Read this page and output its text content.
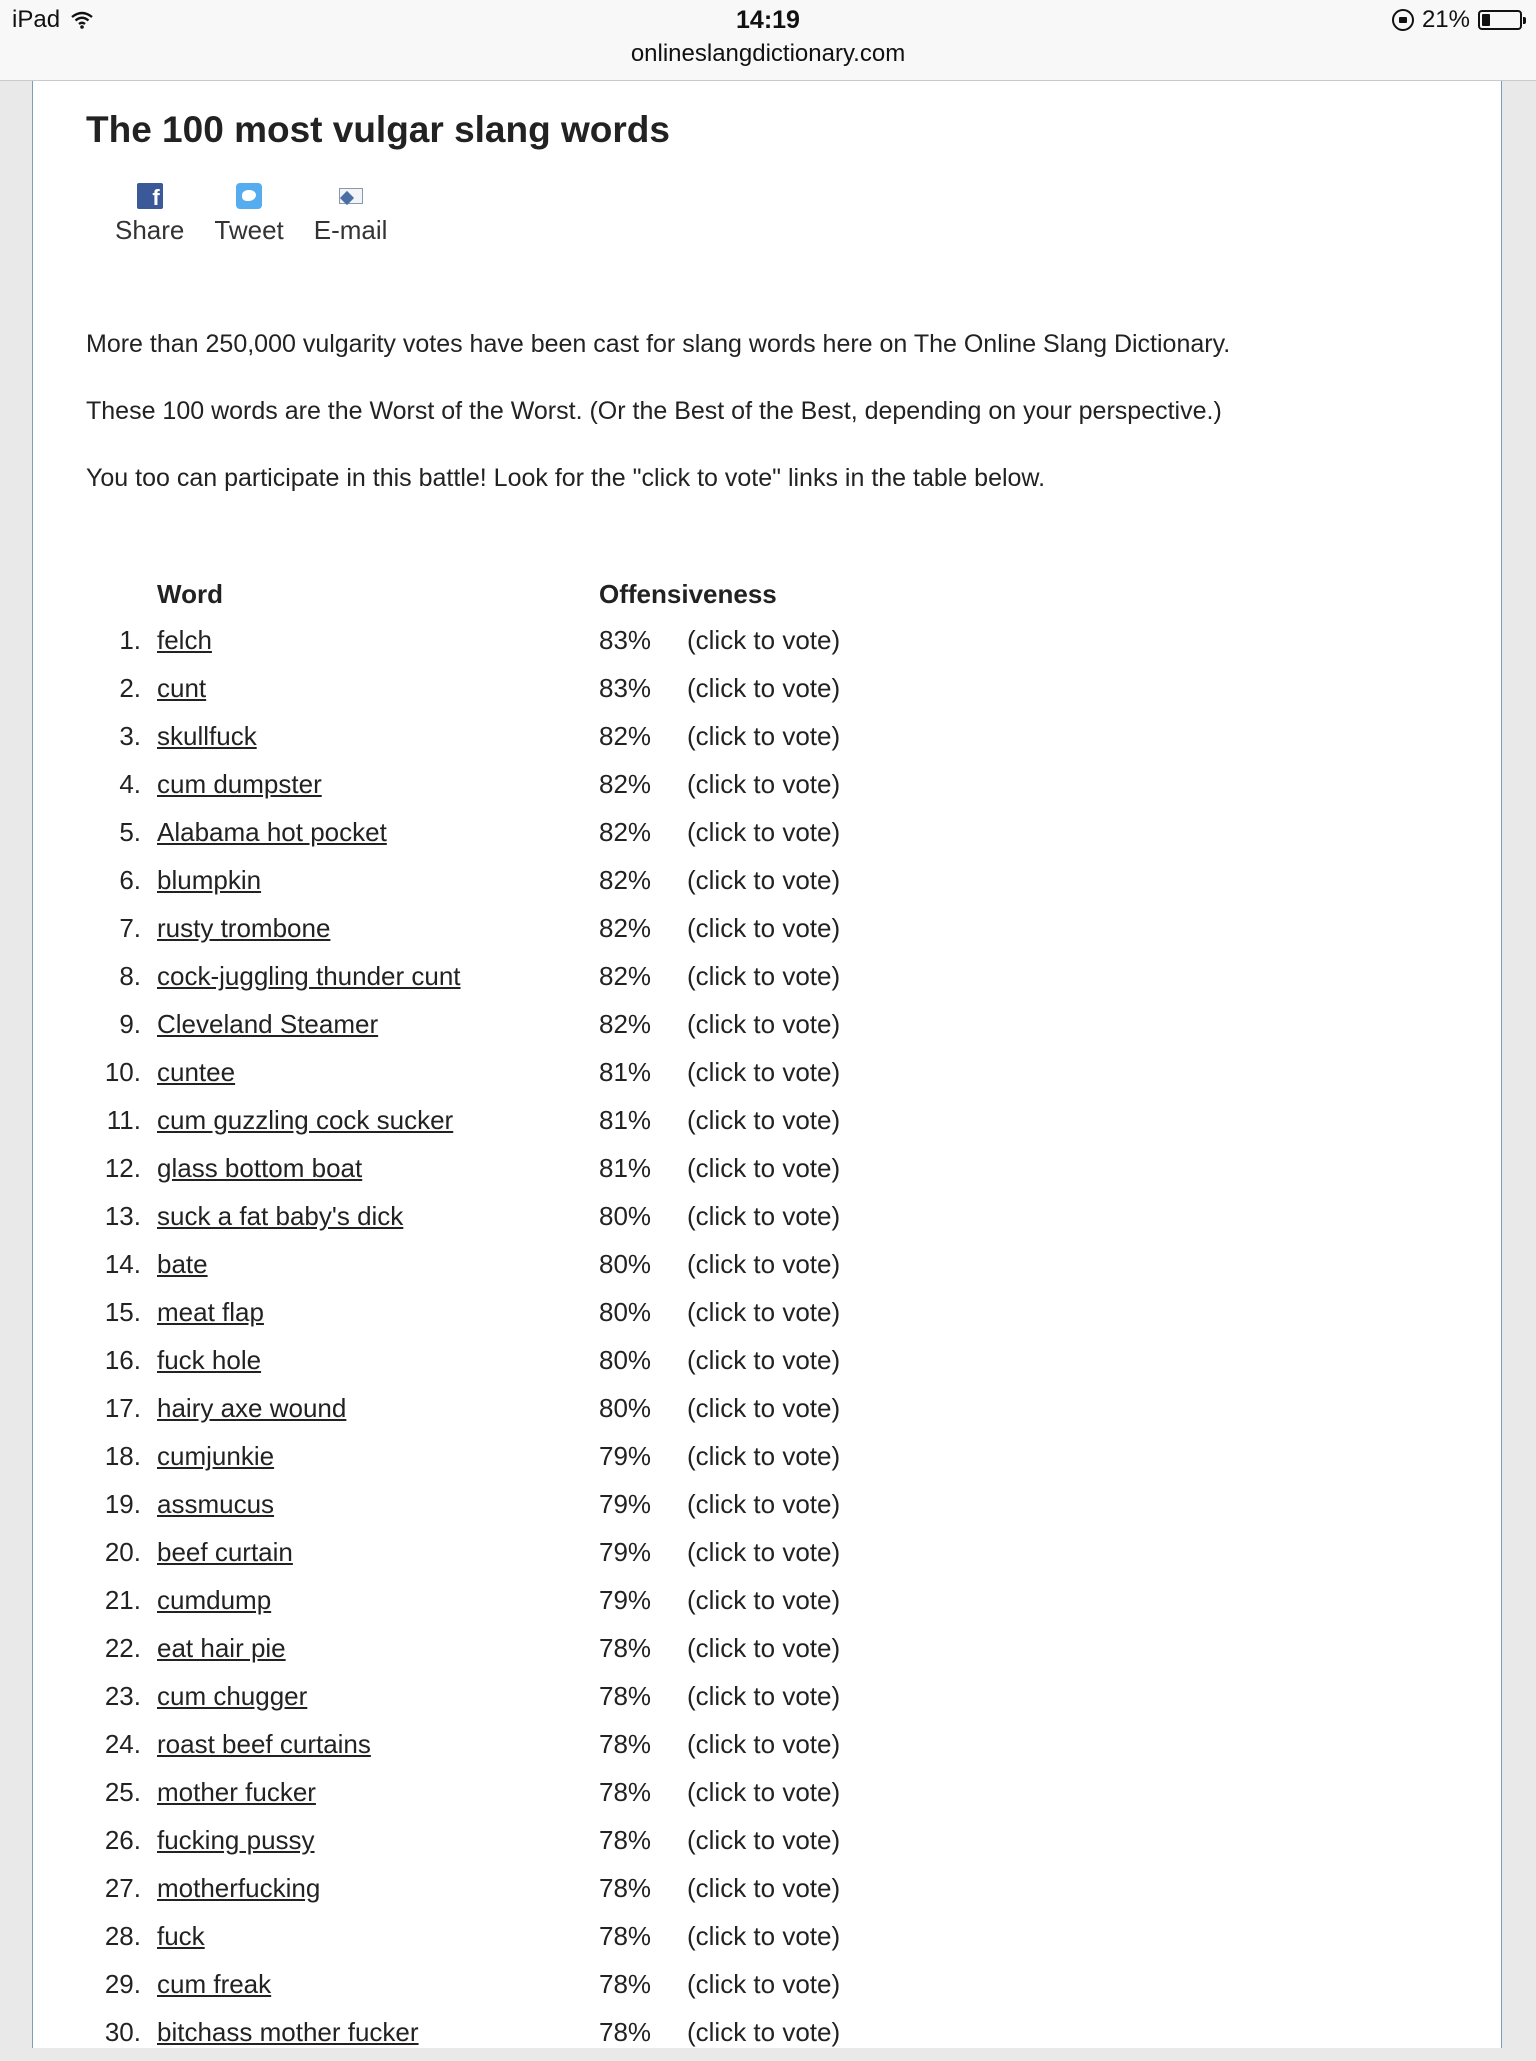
iPad	14:19
onlineslangdictionary.com
21%
The 100 most vulgar slang words
f
Share Tweet E-mail

More than 250,000 vulgarity votes have been cast for slang words here on The Online Slang Dictionary.

These 100 words are the Worst of the Worst. (Or the Best of the Best, depending on your perspective.)

You too can participate in this battle! Look for the "click to vote" links in the table below.

Word	Offensiveness
1. felch	83% (click to vote)
2. cunt	83% (click to vote)
3. skullfuck	82% (click to vote)
4. cum dumpster	82% (click to vote)
5. Alabama hot pocket	82% (click to vote)
6. blumpkin	82% (click to vote)
7. rusty trombone	82% (click to vote)
8. cock-juggling thunder cunt	82% (click to vote)
9. Cleveland Steamer	82% (click to vote)
10. cuntee	81% (click to vote)
11. cum guzzling cock sucker	81% (click to vote)
12. glass bottom boat	81% (click to vote)
13. suck a fat baby's dick	80% (click to vote)
14. bate	80% (click to vote)
15. meat flap	80% (click to vote)
16. fuck hole	80% (click to vote)
17. hairy axe wound	80% (click to vote)
18. cumjunkie	79% (click to vote)
19. assmucus	79% (click to vote)
20. beef curtain	79% (click to vote)
21. cumdump	79% (click to vote)
22. eat hair pie	78% (click to vote)
23. cum chugger	78% (click to vote)
24. roast beef curtains	78% (click to vote)
25. mother fucker	78% (click to vote)
26. fucking pussy	78% (click to vote)
27. motherfucking	78% (click to vote)
28. fuck	78% (click to vote)
29. cum freak	78% (click to vote)
30. bitchass mother fucker	78% (click to vote)
